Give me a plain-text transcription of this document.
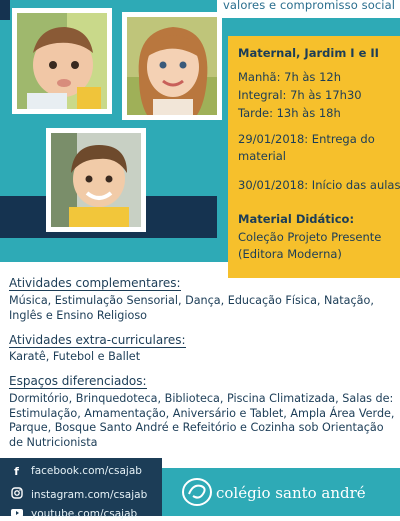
valores e compromisso social
Maternal, Jardim I e II
Manhã: 7h às 12h
Integral: 7h às 17h30
Tarde: 13h às 18h
29/01/2018: Entrega do
material
30/01/2018: Início das aulas
Material Didático:
Coleção Projeto Presente
(Editora Moderna)
Atividades complementares:
Música, Estimulação Sensorial, Dança, Educação Física, Natação, Inglês e Ensino Religioso
Atividades extra-curriculares:
Karatê, Futebol e Ballet
Espaços diferenciados:
Dormitório, Brinquedoteca, Biblioteca, Piscina Climatizada, Salas de: Estimulação, Amamentação, Aniversário e Tablet, Ampla Área Verde, Parque, Bosque Santo André e Refeitório e Cozinha sob Orientação de Nutricionista
f facebook.com/csajab
instagram.com/csajab
youtube.com/csajab
colégio santo andré
